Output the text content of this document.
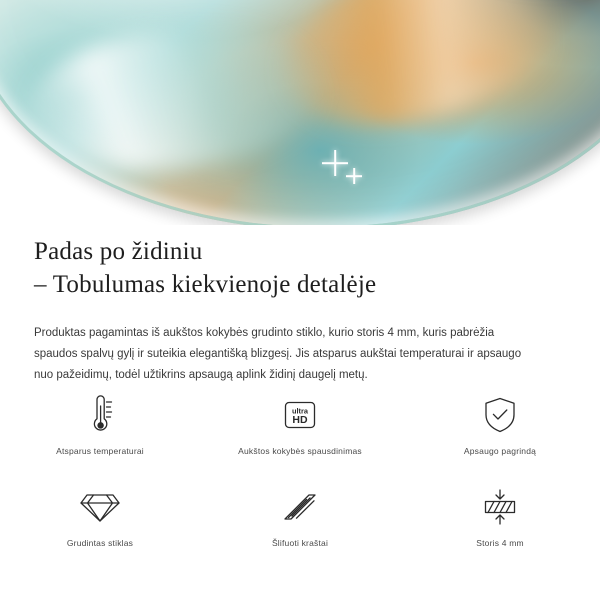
Padas po židiniu
– Tobulumas kiekvienoje detalėje

Produktas pagamintas iš aukštos kokybės grudinto stiklo, kurio storis 4 mm, kuris pabrėžia spaudos spalvų gylį ir suteikia elegantišką blizgesį. Jis atsparus aukštai temperaturai ir apsaugo nuo pažeidimų, todėl užtikrins apsaugą aplink židinį daugelį metų.

Atsparus temperaturai
ultra
HD
Aukštos kokybės spausdinimas	Apsaugo pagrindą
Grudintas stiklas	Šlifuoti kraštai	Storis 4 mm
